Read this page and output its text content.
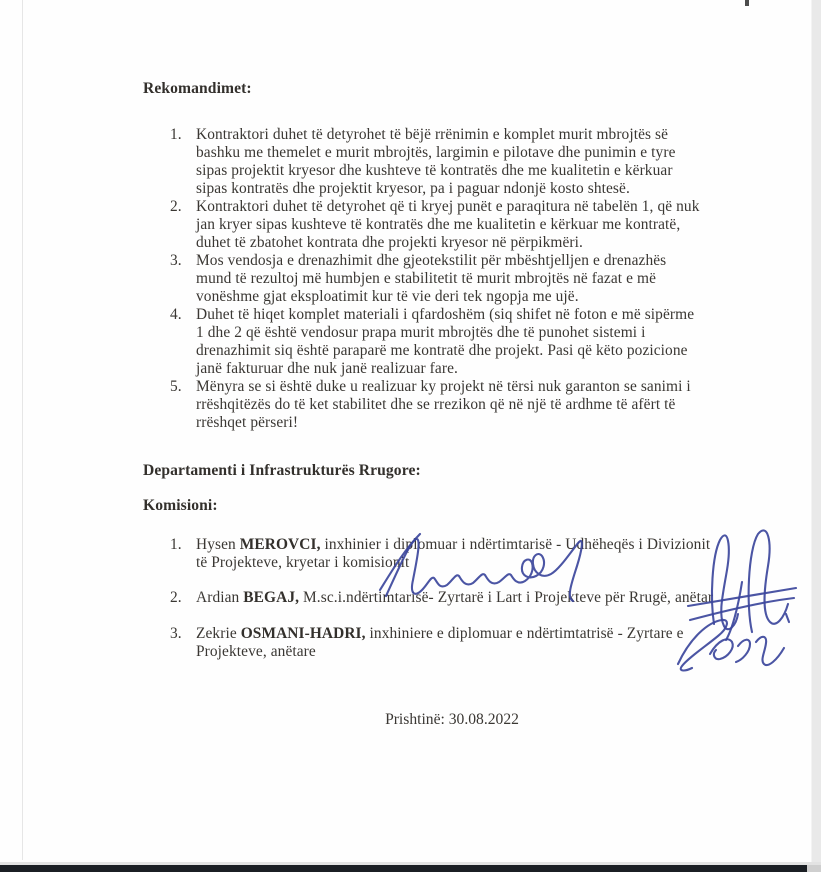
Rekomandimet:
1. Kontraktori duhet të detyrohet të bëjë rrënimin e komplet murit mbrojtës së bashku me themelet e murit mbrojtës, largimin e pilotave dhe punimin e tyre sipas projektit kryesor dhe kushteve të kontratës dhe me kualitetin e kërkuar sipas kontratës dhe projektit kryesor, pa i paguar ndonjë kosto shtesë.
2. Kontraktori duhet të detyrohet që ti kryej punët e paraqitura në tabelën 1, që nuk jan kryer sipas kushteve të kontratës dhe me kualitetin e kërkuar me kontratë, duhet të zbatohet kontrata dhe projekti kryesor në përpikmëri.
3. Mos vendosja e drenazhimit dhe gjeotekstilit për mbështjelljen e drenazhës mund të rezultoj më humbjen e stabilitetit të murit mbrojtës në fazat e më vonëshme gjat eksploatimit kur të vie deri tek ngopja me ujë.
4. Duhet të hiqet komplet materiali i qfardoshëm (siq shifet në foton e më sipërme 1 dhe 2 që është vendosur prapa murit mbrojtës dhe të punohet sistemi i drenazhimit siq është paraparë me kontratë dhe projekt. Pasi që këto pozicione janë fakturuar dhe nuk janë realizuar fare.
5. Mënyra se si është duke u realizuar ky projekt në tërsi nuk garanton se sanimi i rrëshqitëzës do të ket stabilitet dhe se rrezikon që në një të ardhme të afërt të rrëshqet përseri!
Departamenti i Infrastrukturës Rrugore:
Komisioni:
1. Hysen MEROVCI, inxhinier i diplomuar i ndërtimtarisë - Udhëheqës i Divizionit të Projekteve, kryetar i komisionit
2. Ardian BEGAJ, M.sc.i.ndërtimtarisë- Zyrtarë i Lart i Projekteve për Rrugë, anëtar
3. Zekrie OSMANI-HADRI, inxhiniere e diplomuar e ndërtimtatrisë - Zyrtare e Projekteve, anëtare
Prishtinë: 30.08.2022
